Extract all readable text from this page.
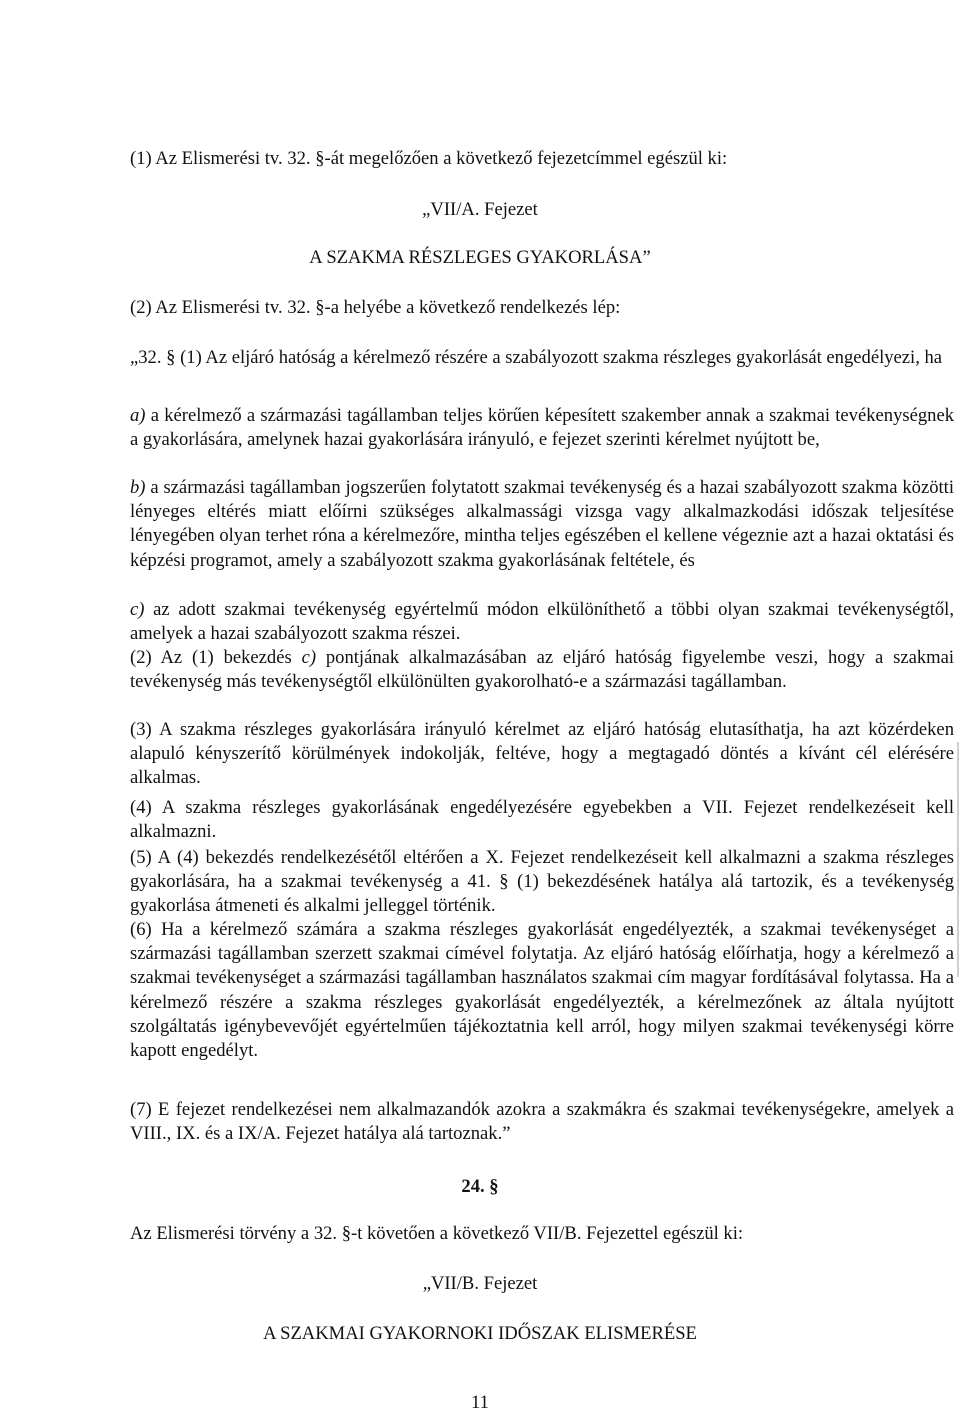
(1) Az Elismerési tv. 32. §-át megelőzően a következő fejezetcímmel egészül ki:

„VII/A. Fejezet

A SZAKMA RÉSZLEGES GYAKORLÁSA”

(2) Az Elismerési tv. 32. §-a helyébe a következő rendelkezés lép:

„32. § (1) Az eljáró hatóság a kérelmező részére a szabályozott szakma részleges gyakorlását engedélyezi, ha

a) a kérelmező a származási tagállamban teljes körűen képesített szakember annak a szakmai tevékenységnek a gyakorlására, amelynek hazai gyakorlására irányuló, e fejezet szerinti kérelmet nyújtott be,

b) a származási tagállamban jogszerűen folytatott szakmai tevékenység és a hazai szabályozott szakma közötti lényeges eltérés miatt előírni szükséges alkalmassági vizsga vagy alkalmazkodási időszak teljesítése lényegében olyan terhet róna a kérelmezőre, mintha teljes egészében el kellene végeznie azt a hazai oktatási és képzési programot, amely a szabályozott szakma gyakorlásának feltétele, és

c) az adott szakmai tevékenység egyértelmű módon elkülöníthető a többi olyan szakmai tevékenységtől, amelyek a hazai szabályozott szakma részei.

(2) Az (1) bekezdés c) pontjának alkalmazásában az eljáró hatóság figyelembe veszi, hogy a szakmai tevékenység más tevékenységtől elkülönülten gyakorolható-e a származási tagállamban.

(3) A szakma részleges gyakorlására irányuló kérelmet az eljáró hatóság elutasíthatja, ha azt közérdeken alapuló kényszerítő körülmények indokolják, feltéve, hogy a megtagadó döntés a kívánt cél elérésére alkalmas.

(4) A szakma részleges gyakorlásának engedélyezésére egyebekben a VII. Fejezet rendelkezéseit kell alkalmazni.

(5) A (4) bekezdés rendelkezésétől eltérően a X. Fejezet rendelkezéseit kell alkalmazni a szakma részleges gyakorlására, ha a szakmai tevékenység a 41. § (1) bekezdésének hatálya alá tartozik, és a tevékenység gyakorlása átmeneti és alkalmi jelleggel történik.

(6) Ha a kérelmező számára a szakma részleges gyakorlását engedélyezték, a szakmai tevékenységet a származási tagállamban szerzett szakmai címével folytatja. Az eljáró hatóság előírhatja, hogy a kérelmező a szakmai tevékenységet a származási tagállamban használatos szakmai cím magyar fordításával folytassa. Ha a kérelmező részére a szakma részleges gyakorlását engedélyezték, a kérelmezőnek az általa nyújtott szolgáltatás igénybevevőjét egyértelműen tájékoztatnia kell arról, hogy milyen szakmai tevékenységi körre kapott engedélyt.

(7) E fejezet rendelkezései nem alkalmazandók azokra a szakmákra és szakmai tevékenységekre, amelyek a VIII., IX. és a IX/A. Fejezet hatálya alá tartoznak.”

24. §

Az Elismerési törvény a 32. §-t követően a következő VII/B. Fejezettel egészül ki:

„VII/B. Fejezet

A SZAKMAI GYAKORNOKI IDŐSZAK ELISMERÉSE

11
